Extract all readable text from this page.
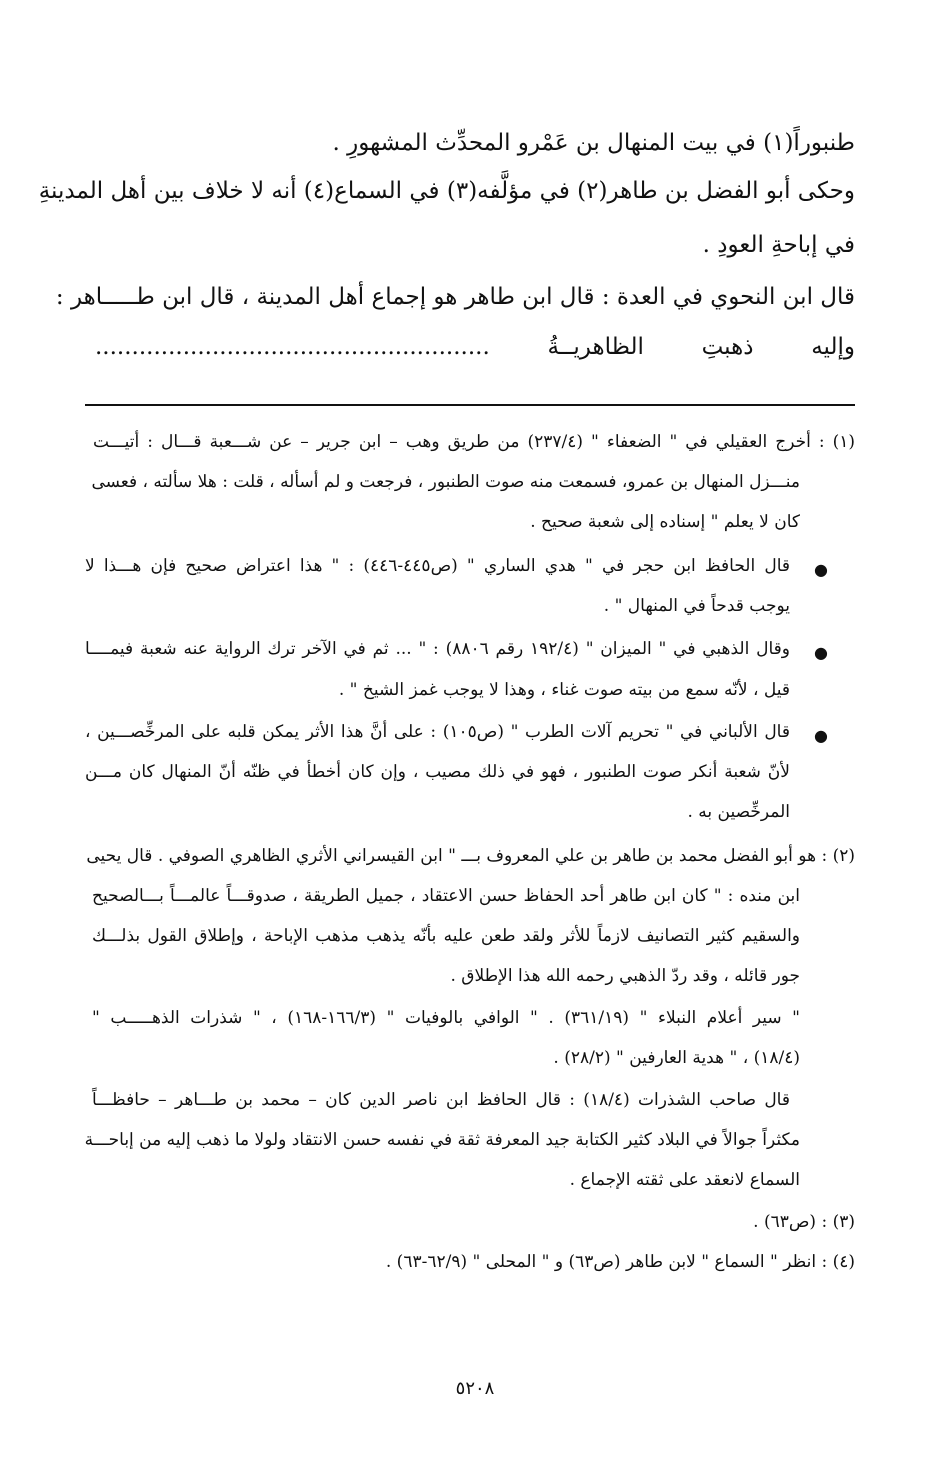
طنبوراً(١) في بيت المنهال بن عَمْرو المحدِّث المشهورِ .
وحكى أبو الفضل بن طاهر(٢) في مؤلَّفه(٣) في السماع(٤) أنه لا خلاف بين أهل المدينةِ
في إباحةِ العودِ .
قال ابن النحوي في العدة : قال ابن طاهر هو إجماع أهل المدينة ، قال ابن طـــــاهر :
وإليه ذهبتِ الظاهريــةُ ......................................................
(١) : أخرج العقيلي في " الضعفاء " (٢٣٧/٤) من طريق وهب – ابن جرير – عن شـــعبة قـــال : أتيـــت
منـــزل المنهال بن عمرو، فسمعت منه صوت الطنبور ، فرجعت و لم أسأله ، قلت : هلا سألته ، فعسى
كان لا يعلم " إسناده إلى شعبة صحيح .
●
قال الحافظ ابن حجر في " هدي الساري " (ص٤٤٥-٤٤٦) : " هذا اعتراض صحيح فإن هـــذا لا
يوجب قدحاً في المنهال " .
●
وقال الذهبي في " الميزان " (١٩٢/٤ رقم ٨٨٠٦) : " ... ثم في الآخر ترك الرواية عنه شعبة فيمــــا
قيل ، لأنّه سمع من بيته صوت غناء ، وهذا لا يوجب غمز الشيخ " .
●
قال الألباني في " تحريم آلات الطرب " (ص١٠٥) : على أنَّ هذا الأثر يمكن قلبه على المرخِّصـــين ،
لأنّ شعبة أنكر صوت الطنبور ، فهو في ذلك مصيب ، وإن كان أخطأ في ظنّه أنّ المنهال كان مـــن
المرخِّصين به .
(٢) : هو أبو الفضل محمد بن طاهر بن علي المعروف بـــ " ابن القيسراني الأثري الظاهري الصوفي . قال يحيى
ابن منده : " كان ابن طاهر أحد الحفاظ حسن الاعتقاد ، جميل الطريقة ، صدوقـــاً عالمـــاً بـــالصحيح
والسقيم كثير التصانيف لازماً للأثر ولقد طعن عليه بأنّه يذهب مذهب الإباحة ، وإطلاق القول بذلـــك
جور قائله ، وقد ردّ الذهبي رحمه الله هذا الإطلاق .
" سير أعلام النبلاء " (٣٦١/١٩) . " الوافي بالوفيات " (١٦٦/٣-١٦٨) ، " شذرات الذهـــــب "
(١٨/٤) ، " هدية العارفين " (٢٨/٢) .
قال صاحب الشذرات (١٨/٤) : قال الحافظ ابن ناصر الدين كان – محمد بن طـــاهر – حافظـــاً
مكثراً جوالاً في البلاد كثير الكتابة جيد المعرفة ثقة في نفسه حسن الانتقاد ولولا ما ذهب إليه من إباحـــة
السماع لانعقد على ثقته الإجماع .
(٣) : (ص٦٣) .
(٤) : انظر " السماع " لابن طاهر (ص٦٣) و " المحلى " (٦٢/٩-٦٣) .
٥٢٠٨
